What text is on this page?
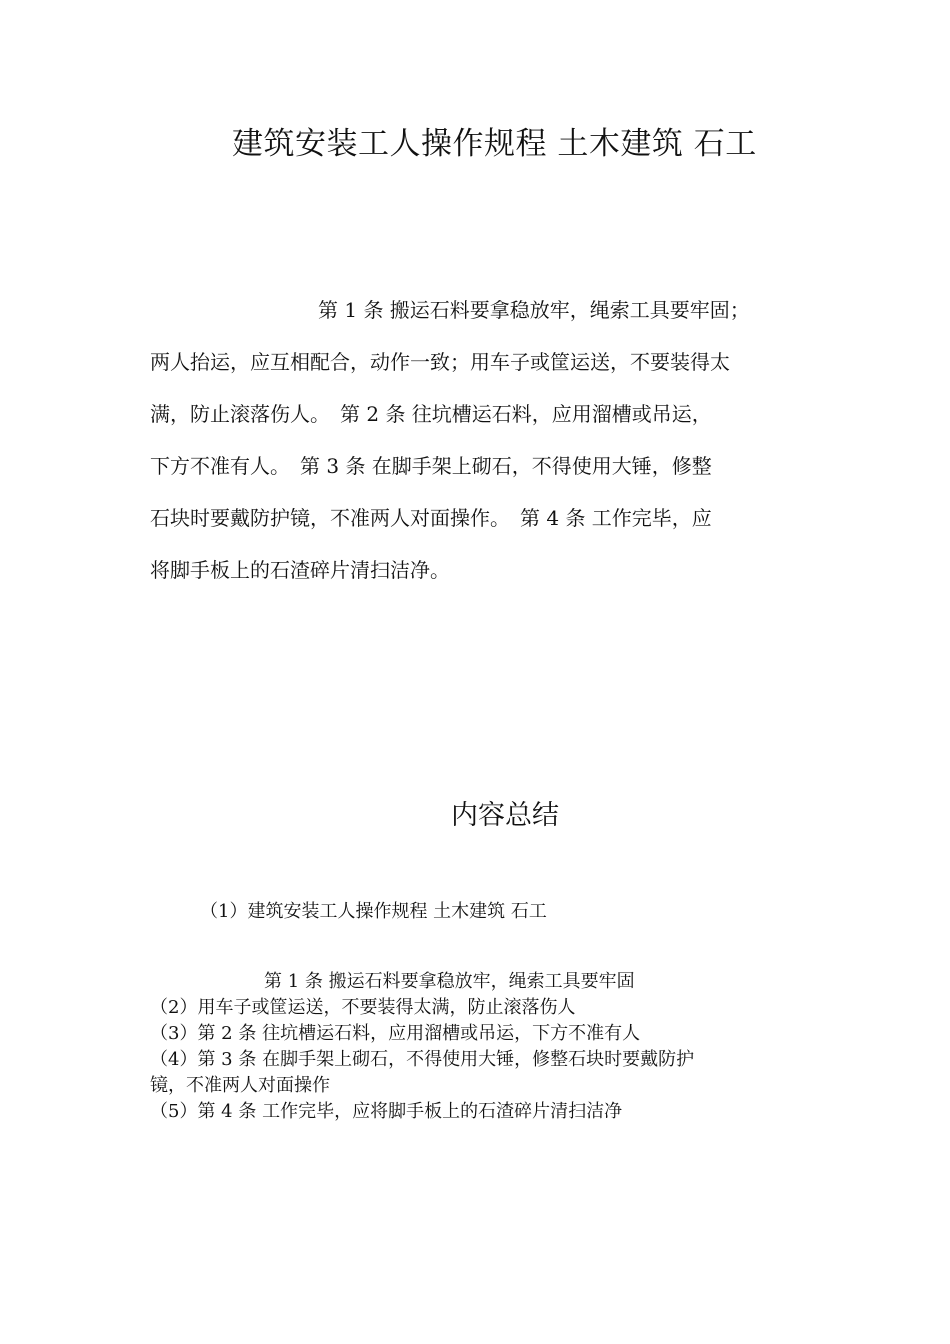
建筑安装工人操作规程 土木建筑 石工
第 1 条 搬运石料要拿稳放牢，绳索工具要牢固；
两人抬运，应互相配合，动作一致；用车子或筐运送，不要装得太
满，防止滚落伤人。　第 2 条 往坑槽运石料，应用溜槽或吊运，
下方不准有人。　第 3 条 在脚手架上砌石，不得使用大锤，修整
石块时要戴防护镜，不准两人对面操作。　第 4 条 工作完毕，应
将脚手板上的石渣碎片清扫洁净。
内容总结
（1）建筑安装工人操作规程 土木建筑 石工
第 1 条 搬运石料要拿稳放牢，绳索工具要牢固
（2）用车子或筐运送，不要装得太满，防止滚落伤人
（3）第 2 条 往坑槽运石料，应用溜槽或吊运，下方不准有人
（4）第 3 条 在脚手架上砌石，不得使用大锤，修整石块时要戴防护
镜，不准两人对面操作
（5）第 4 条 工作完毕，应将脚手板上的石渣碎片清扫洁净
